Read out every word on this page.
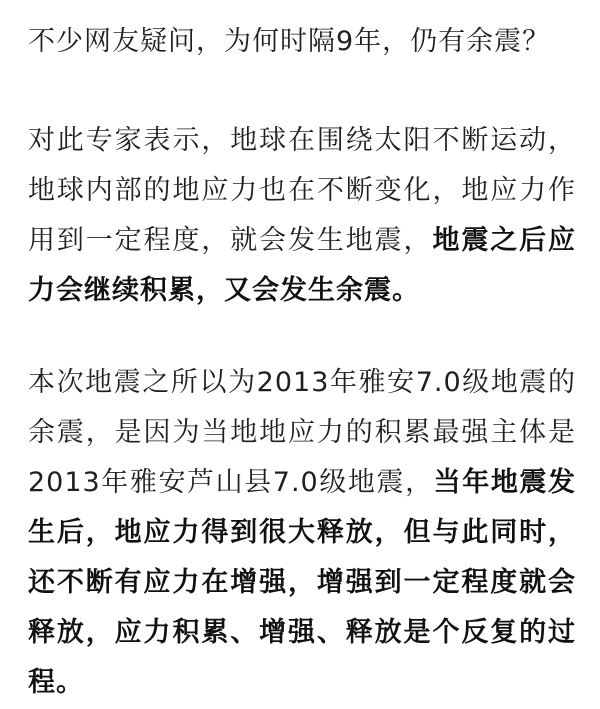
不少网友疑问，为何时隔9年，仍有余震？

对此专家表示，地球在围绕太阳不断运动，地球内部的地应力也在不断变化，地应力作用到一定程度，就会发生地震，地震之后应力会继续积累，又会发生余震。

本次地震之所以为2013年雅安7.0级地震的余震，是因为当地地应力的积累最强主体是2013年雅安芦山县7.0级地震，当年地震发生后，地应力得到很大释放，但与此同时，还不断有应力在增强，增强到一定程度就会释放，应力积累、增强、释放是个反复的过程。
